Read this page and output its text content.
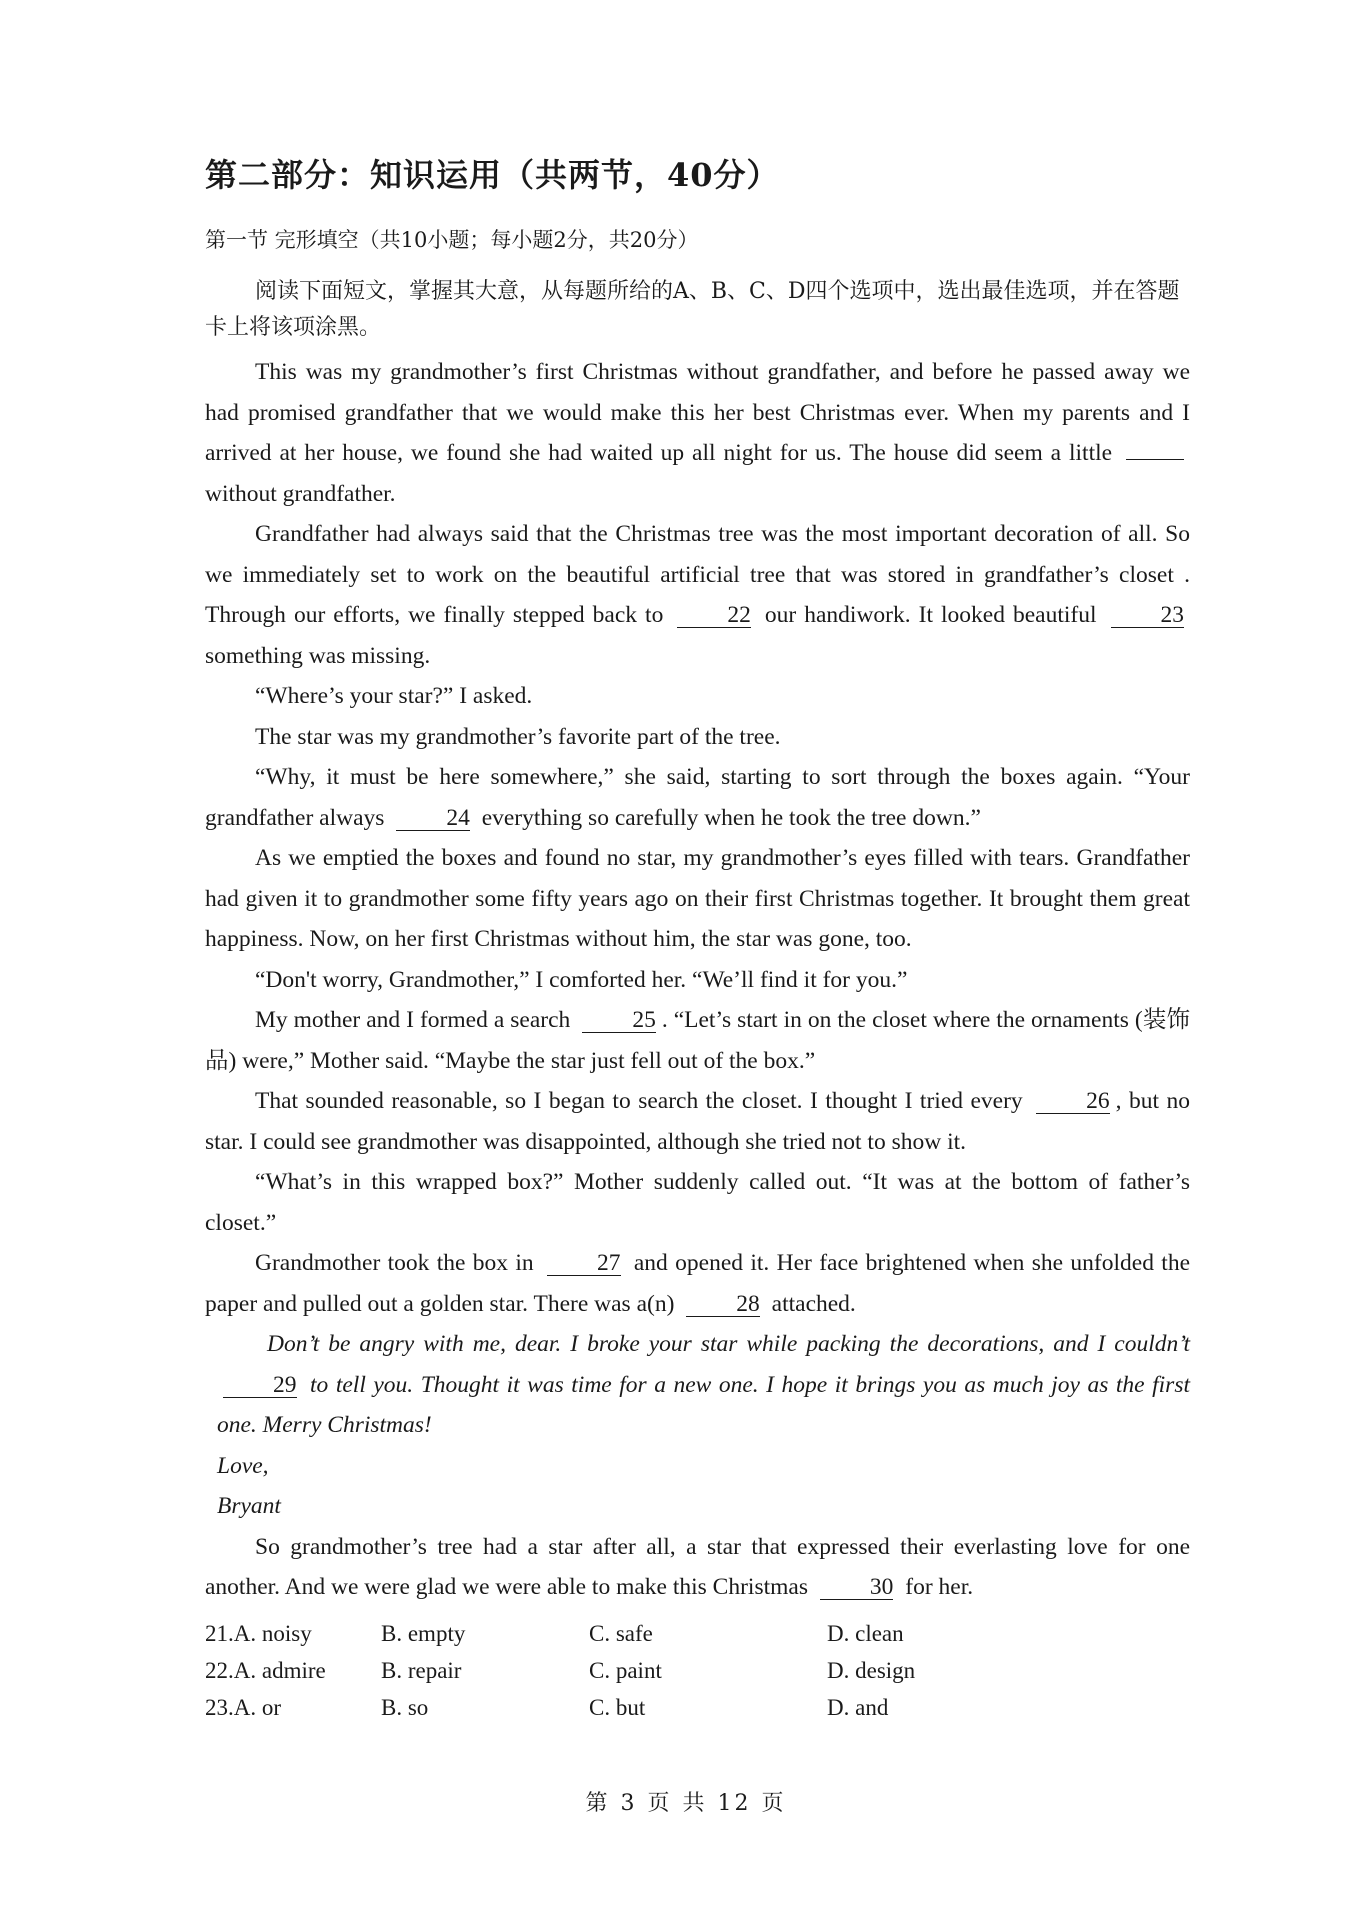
第二部分：知识运用（共两节，40分）
第一节 完形填空（共10小题；每小题2分，共20分）

阅读下面短文，掌握其大意，从每题所给的A、B、C、D四个选项中，选出最佳选项，并在答题卡上将该项涂黑。

This was my grandmother’s first Christmas without grandfather, and before he passed away we had promised grandfather that we would make this her best Christmas ever. When my parents and I arrived at her house, we found she had waited up all night for us. The house did seem a little  without grandfather.

Grandfather had always said that the Christmas tree was the most important decoration of all. So we immediately set to work on the beautiful artificial tree that was stored in grandfather’s closet . Through our efforts, we finally stepped back to	22 our handiwork. It looked beautiful	23 something was missing.

“Where’s your star?” I asked.

The star was my grandmother’s favorite part of the tree.

“Why, it must be here somewhere,” she said, starting to sort through the boxes again. “Your grandfather always	24 everything so carefully when he took the tree down.”

As we emptied the boxes and found no star, my grandmother’s eyes filled with tears. Grandfather had given it to grandmother some fifty years ago on their first Christmas together. It brought them great happiness. Now, on her first Christmas without him, the star was gone, too.

“Don't worry, Grandmother,” I comforted her. “We’ll find it for you.”

My mother and I formed a search	25 . “Let’s start in on the closet where the ornaments (装饰品) were,” Mother said. “Maybe the star just fell out of the box.”

That sounded reasonable, so I began to search the closet. I thought I tried every	26 , but no star. I could see grandmother was disappointed, although she tried not to show it.

“What’s in this wrapped box?” Mother suddenly called out. “It was at the bottom of father’s closet.”

Grandmother took the box in	27 and opened it. Her face brightened when she unfolded the paper and pulled out a golden star. There was a(n)	28 attached.

Don’t be angry with me, dear. I broke your star while packing the decorations, and I couldn’t 29 to tell you. Thought it was time for a new one. I hope it brings you as much joy as the first one. Merry Christmas!

Love,

Bryant

So grandmother’s tree had a star after all, a star that expressed their everlasting love for one another. And we were glad we were able to make this Christmas	30 for her.

21.A. noisy	B. empty	C. safe	D. clean
22.A. admire	B. repair	C. paint	D. design
23.A. or	B. so	C. but	D. and
第 3 页 共 12 页
